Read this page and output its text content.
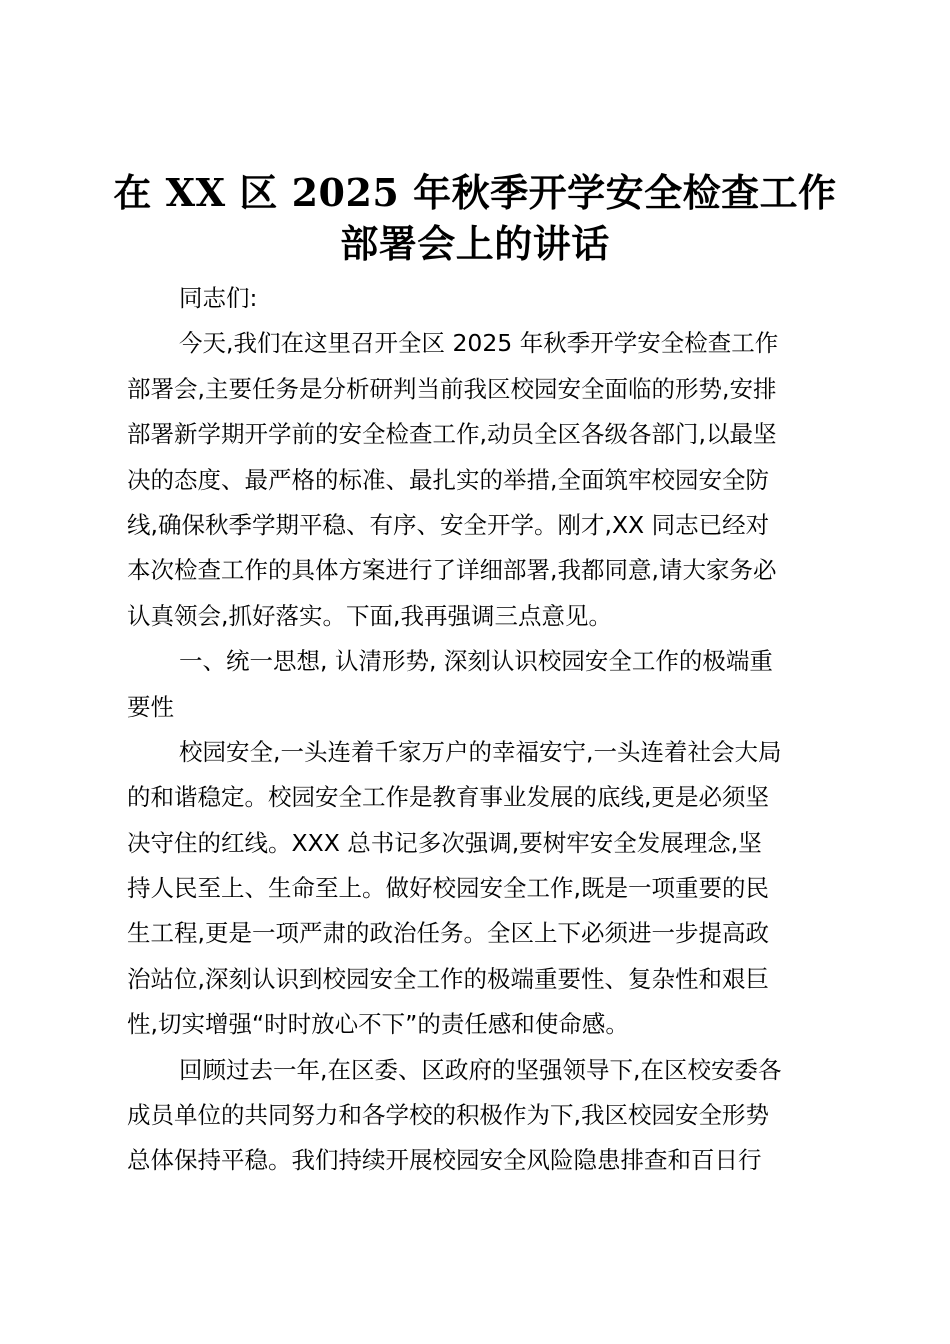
在 XX 区 2025 年秋季开学安全检查工作
部署会上的讲话
同志们:
今天,我们在这里召开全区 2025 年秋季开学安全检查工作
部署会,主要任务是分析研判当前我区校园安全面临的形势,安排
部署新学期开学前的安全检查工作,动员全区各级各部门,以最坚
决的态度、最严格的标准、最扎实的举措,全面筑牢校园安全防
线,确保秋季学期平稳、有序、安全开学。刚才,XX 同志已经对
本次检查工作的具体方案进行了详细部署,我都同意,请大家务必
认真领会,抓好落实。下面,我再强调三点意见。
一、统一思想, 认清形势, 深刻认识校园安全工作的极端重
要性
校园安全,一头连着千家万户的幸福安宁,一头连着社会大局
的和谐稳定。校园安全工作是教育事业发展的底线,更是必须坚
决守住的红线。XXX 总书记多次强调,要树牢安全发展理念,坚
持人民至上、生命至上。做好校园安全工作,既是一项重要的民
生工程,更是一项严肃的政治任务。全区上下必须进一步提高政
治站位,深刻认识到校园安全工作的极端重要性、复杂性和艰巨
性,切实增强“时时放心不下”的责任感和使命感。
回顾过去一年,在区委、区政府的坚强领导下,在区校安委各
成员单位的共同努力和各学校的积极作为下,我区校园安全形势
总体保持平稳。我们持续开展校园安全风险隐患排查和百日行
